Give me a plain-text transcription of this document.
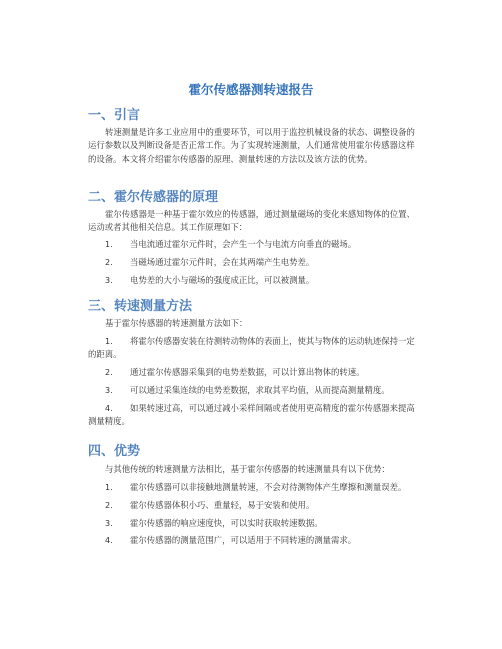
霍尔传感器测转速报告
一、引言
转速测量是许多工业应用中的重要环节，可以用于监控机械设备的状态、调整设备的运行参数以及判断设备是否正常工作。为了实现转速测量，人们通常使用霍尔传感器这样的设备。本文将介绍霍尔传感器的原理、测量转速的方法以及该方法的优势。
二、霍尔传感器的原理
霍尔传感器是一种基于霍尔效应的传感器，通过测量磁场的变化来感知物体的位置、运动或者其他相关信息。其工作原理如下：
1. 当电流通过霍尔元件时，会产生一个与电流方向垂直的磁场。
2. 当磁场通过霍尔元件时，会在其两端产生电势差。
3. 电势差的大小与磁场的强度成正比，可以被测量。
三、转速测量方法
基于霍尔传感器的转速测量方法如下：
1. 将霍尔传感器安装在待测转动物体的表面上，使其与物体的运动轨迹保持一定的距离。
2. 通过霍尔传感器采集到的电势差数据，可以计算出物体的转速。
3. 可以通过采集连续的电势差数据，求取其平均值，从而提高测量精度。
4. 如果转速过高，可以通过减小采样间隔或者使用更高精度的霍尔传感器来提高测量精度。
四、优势
与其他传统的转速测量方法相比，基于霍尔传感器的转速测量具有以下优势：
1. 霍尔传感器可以非接触地测量转速，不会对待测物体产生摩擦和测量误差。
2. 霍尔传感器体积小巧、重量轻，易于安装和使用。
3. 霍尔传感器的响应速度快，可以实时获取转速数据。
4. 霍尔传感器的测量范围广，可以适用于不同转速的测量需求。
